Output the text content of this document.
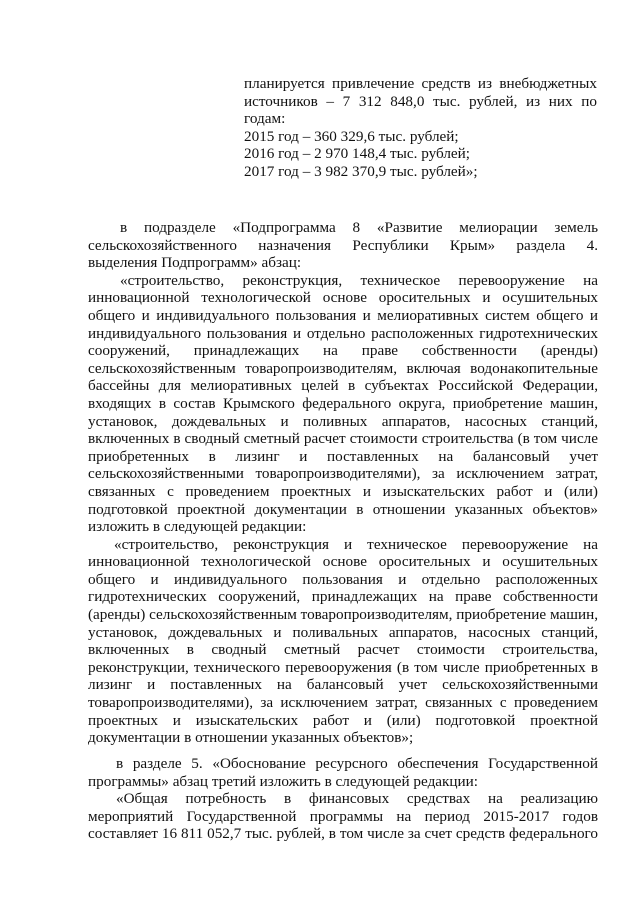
планируется привлечение средств из внебюджетных
источников – 7 312 848,0 тыс. рублей, из них по
годам:
2015 год – 360 329,6 тыс. рублей;
2016 год – 2 970 148,4 тыс. рублей;
2017 год – 3 982 370,9 тыс. рублей»;
в подразделе «Подпрограмма 8 «Развитие мелиорации земель
сельскохозяйственного назначения Республики Крым» раздела 4.
выделения Подпрограмм» абзац:
«строительство, реконструкция, техническое перевооружение на
инновационной технологической основе оросительных и осушительных
общего и индивидуального пользования и мелиоративных систем общего и
индивидуального пользования и отдельно расположенных гидротехнических
сооружений, принадлежащих на праве собственности (аренды)
сельскохозяйственным товаропроизводителям, включая водонакопительные
бассейны для мелиоративных целей в субъектах Российской Федерации,
входящих в состав Крымского федерального округа, приобретение машин,
установок, дождевальных и поливных аппаратов, насосных станций,
включенных в сводный сметный расчет стоимости строительства (в том числе
приобретенных в лизинг и поставленных на балансовый учет
сельскохозяйственными товаропроизводителями), за исключением затрат,
связанных с проведением проектных и изыскательских работ и (или)
подготовкой проектной документации в отношении указанных объектов»
изложить в следующей редакции:
«строительство, реконструкция и техническое перевооружение на
инновационной технологической основе оросительных и осушительных
общего и индивидуального пользования и отдельно расположенных
гидротехнических сооружений, принадлежащих на праве собственности
(аренды) сельскохозяйственным товаропроизводителям, приобретение машин,
установок, дождевальных и поливальных аппаратов, насосных станций,
включенных в сводный сметный расчет стоимости строительства,
реконструкции, технического перевооружения (в том числе приобретенных в
лизинг и поставленных на балансовый учет сельскохозяйственными
товаропроизводителями), за исключением затрат, связанных с проведением
проектных и изыскательских работ и (или) подготовкой проектной
документации в отношении указанных объектов»;
в разделе 5. «Обоснование ресурсного обеспечения Государственной
программы» абзац третий изложить в следующей редакции:
«Общая потребность в финансовых средствах на реализацию
мероприятий Государственной программы на период 2015-2017 годов
составляет 16 811 052,7 тыс. рублей, в том числе за счет средств федерального
